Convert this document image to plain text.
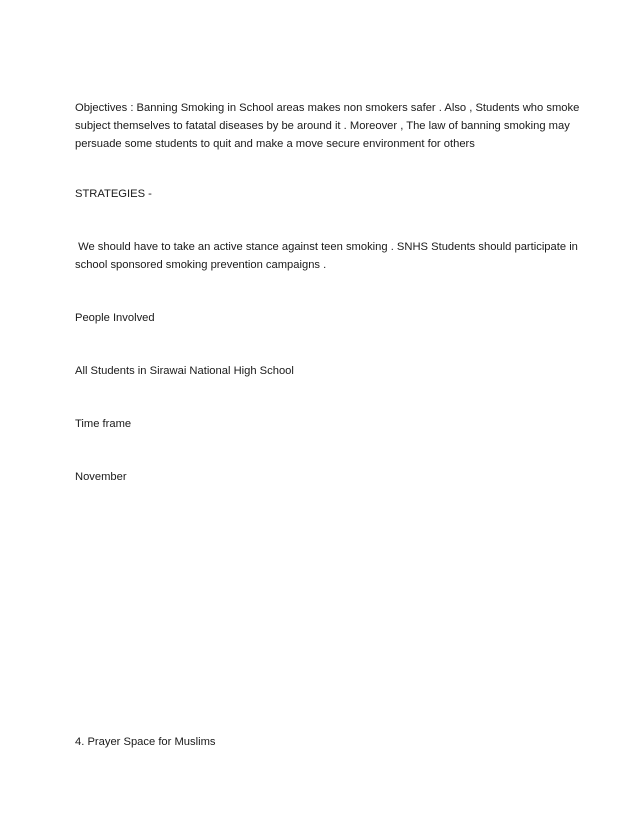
Objectives : Banning Smoking in School areas makes non smokers safer . Also , Students who smoke
subject themselves to fatatal diseases by be around it . Moreover , The law of banning smoking may
persuade some students to quit and make a move secure environment for others

STRATEGIES -

We should have to take an active stance against teen smoking . SNHS Students should participate in
school sponsored smoking prevention campaigns .

People Involved

All Students in Sirawai National High School

Time frame

November

4. Prayer Space for Muslims
